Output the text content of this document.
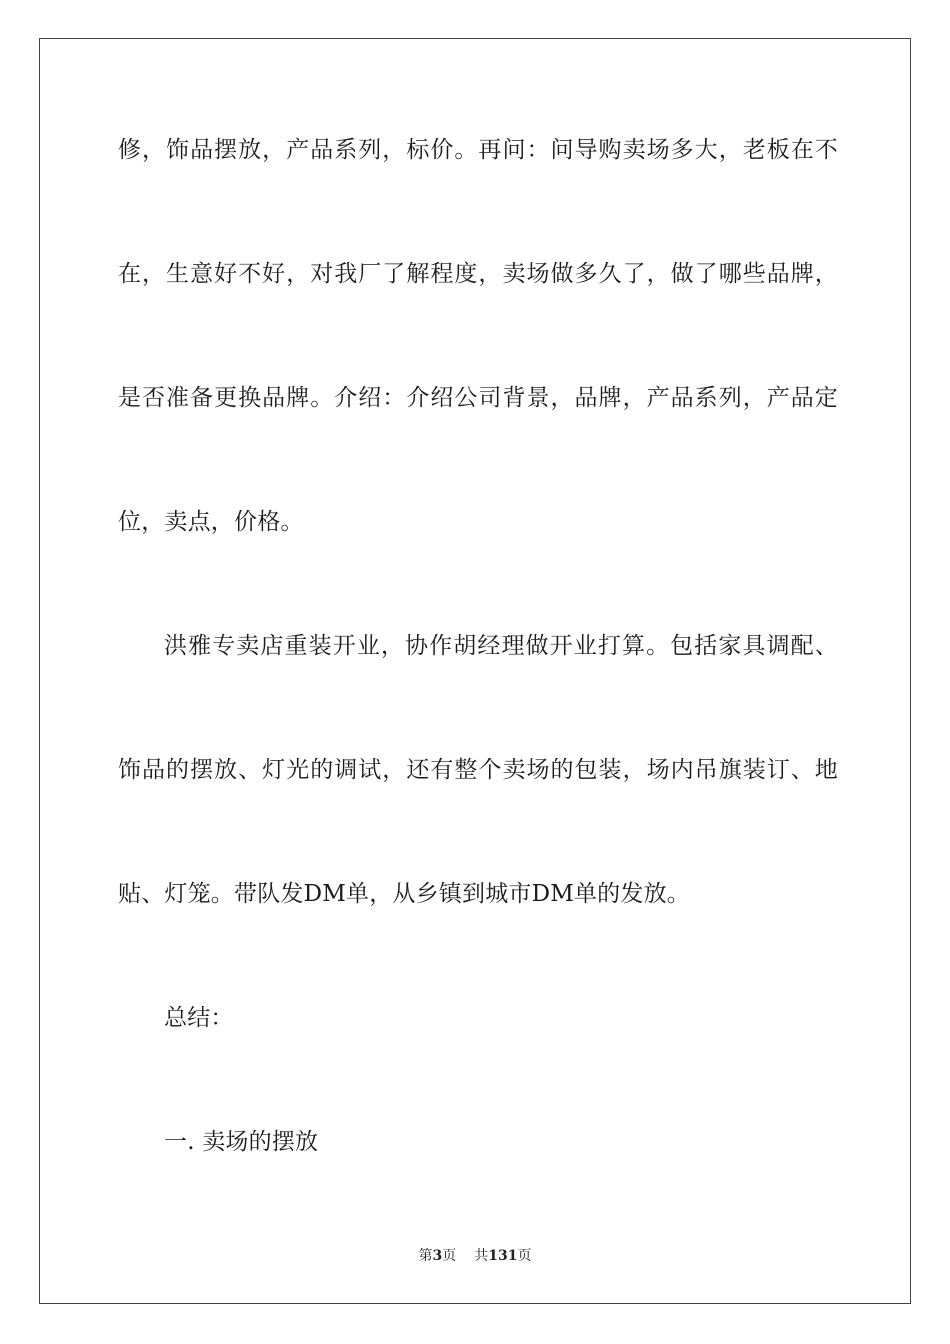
修，饰品摆放，产品系列，标价。再问：问导购卖场多大，老板在不
在，生意好不好，对我厂了解程度，卖场做多久了，做了哪些品牌，
是否准备更换品牌。介绍：介绍公司背景，品牌，产品系列，产品定
位，卖点，价格。
洪雅专卖店重装开业，协作胡经理做开业打算。包括家具调配、
饰品的摆放、灯光的调试，还有整个卖场的包装，场内吊旗装订、地
贴、灯笼。带队发DM单，从乡镇到城市DM单的发放。
总结：
一. 卖场的摆放
第3页 共131页
